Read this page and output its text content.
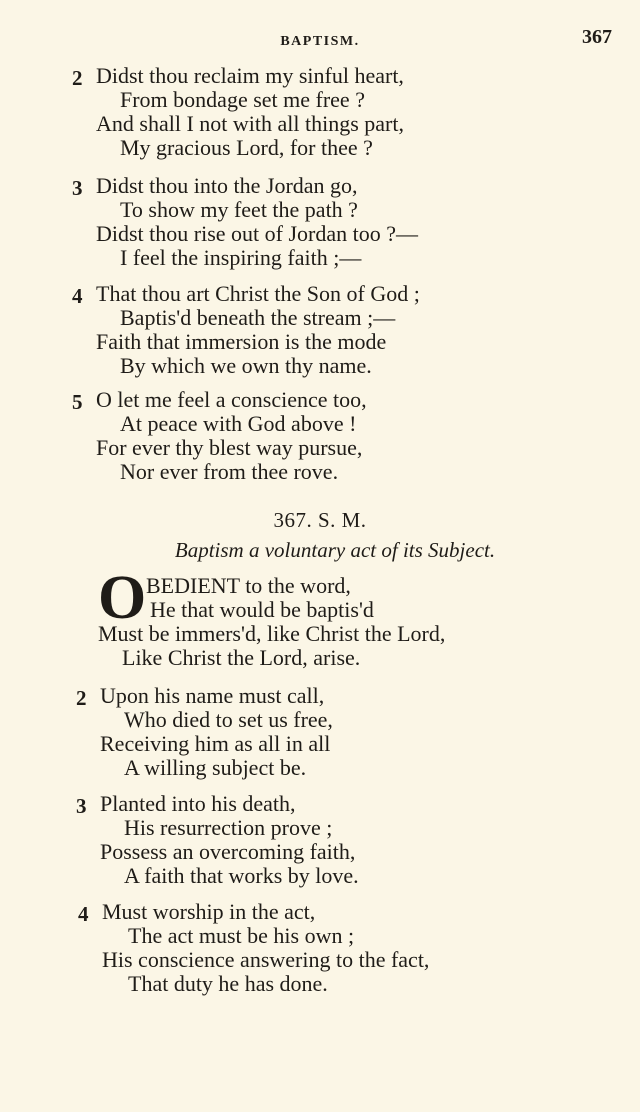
BAPTISM.	367
2 Didst thou reclaim my sinful heart,
From bondage set me free ?
And shall I not with all things part,
My gracious Lord, for thee ?
3 Didst thou into the Jordan go,
To show my feet the path ?
Didst thou rise out of Jordan too ?—
I feel the inspiring faith ;—
4 That thou art Christ the Son of God ;
Baptis'd beneath the stream ;—
Faith that immersion is the mode
By which we own thy name.
5 O let me feel a conscience too,
At peace with God above !
For ever thy blest way pursue,
Nor ever from thee rove.
367. S. M.
Baptism a voluntary act of its Subject.
O BEDIENT to the word,
He that would be baptis'd
Must be immers'd, like Christ the Lord,
Like Christ the Lord, arise.
2 Upon his name must call,
Who died to set us free,
Receiving him as all in all
A willing subject be.
3 Planted into his death,
His resurrection prove ;
Possess an overcoming faith,
A faith that works by love.
4 Must worship in the act,
The act must be his own ;
His conscience answering to the fact,
That duty he has done.
